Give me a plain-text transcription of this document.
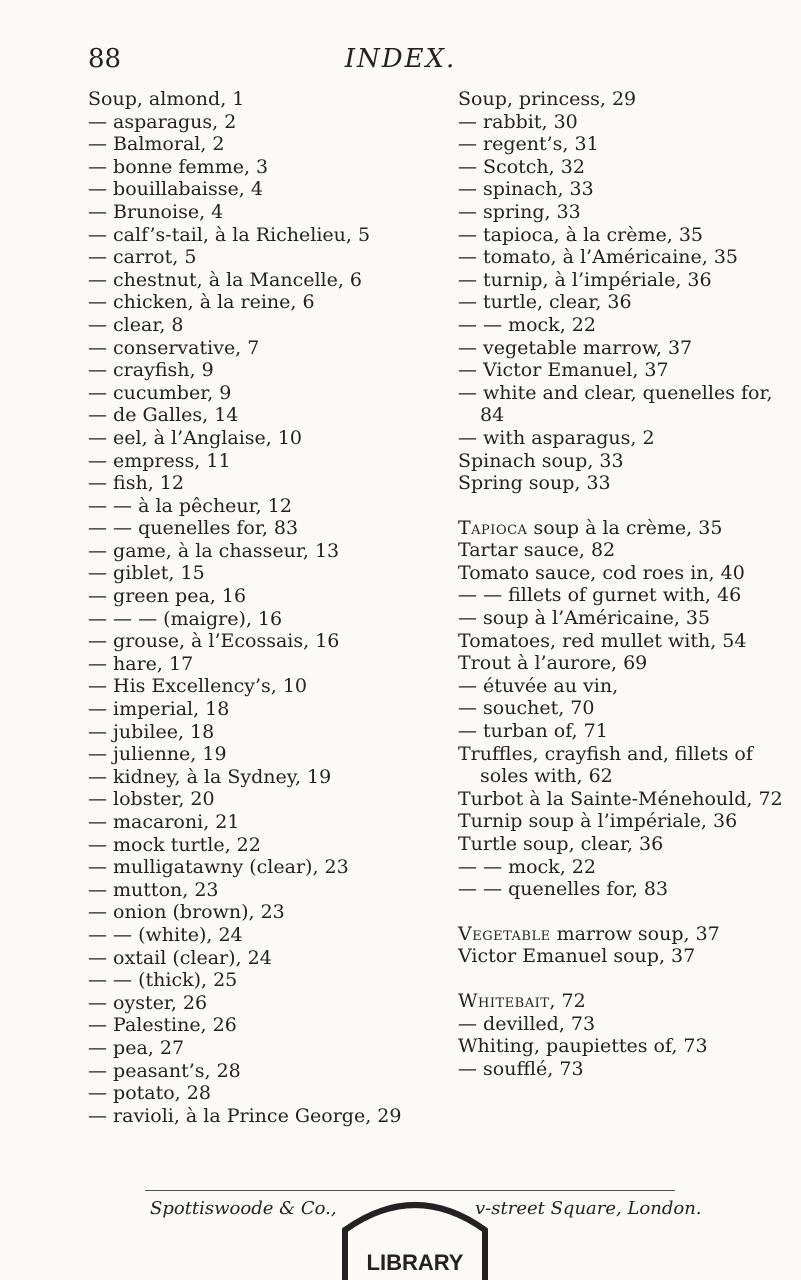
88	INDEX.
Soup, almond, 1
— asparagus, 2
— Balmoral, 2
— bonne femme, 3
— bouillabaisse, 4
— Brunoise, 4
— calf’s-tail, à la Richelieu, 5
— carrot, 5
— chestnut, à la Mancelle, 6
— chicken, à la reine, 6
— clear, 8
— conservative, 7
— crayfish, 9
— cucumber, 9
— de Galles, 14
— eel, à l’Anglaise, 10
— empress, 11
— fish, 12
— — à la pêcheur, 12
— — quenelles for, 83
— game, à la chasseur, 13
— giblet, 15
— green pea, 16
— — — (maigre), 16
— grouse, à l’Ecossais, 16
— hare, 17
— His Excellency’s, 10
— imperial, 18
— jubilee, 18
— julienne, 19
— kidney, à la Sydney, 19
— lobster, 20
— macaroni, 21
— mock turtle, 22
— mulligatawny (clear), 23
— mutton, 23
— onion (brown), 23
— — (white), 24
— oxtail (clear), 24
— — (thick), 25
— oyster, 26
— Palestine, 26
— pea, 27
— peasant’s, 28
— potato, 28
— ravioli, à la Prince George, 29
Soup, princess, 29
— rabbit, 30
— regent’s, 31
— Scotch, 32
— spinach, 33
— spring, 33
— tapioca, à la crème, 35
— tomato, à l’Américaine, 35
— turnip, à l’impériale, 36
— turtle, clear, 36
— — mock, 22
— vegetable marrow, 37
— Victor Emanuel, 37
— white and clear, quenelles for, 84
— with asparagus, 2
Spinach soup, 33
Spring soup, 33
Tapioca soup à la crème, 35
Tartar sauce, 82
Tomato sauce, cod roes in, 40
— — fillets of gurnet with, 46
— soup à l’Américaine, 35
Tomatoes, red mullet with, 54
Trout à l’aurore, 69
— étuvée au vin,
— souchet, 70
— turban of, 71
Truffles, crayfish and, fillets of soles with, 62
Turbot à la Sainte-Ménehould, 72
Turnip soup à l’impériale, 36
Turtle soup, clear, 36
— — mock, 22
— — quenelles for, 83
Vegetable marrow soup, 37
Victor Emanuel soup, 37
Whitebait, 72
— devilled, 73
Whiting, paupiettes of, 73
— soufflé, 73
Spottiswoode & Co.,	v-street Square, London.
LIBRARY
